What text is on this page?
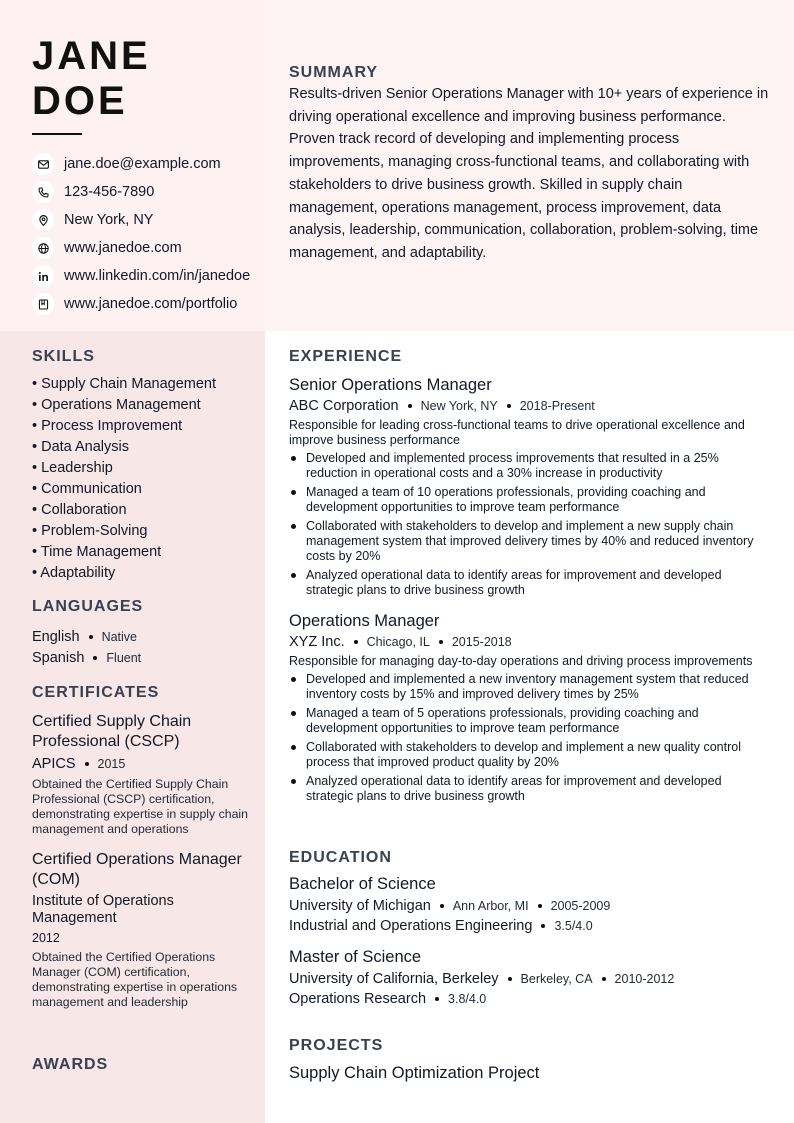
JANE
DOE
jane.doe@example.com
123-456-7890
New York, NY
www.janedoe.com
www.linkedin.com/in/janedoe
www.janedoe.com/portfolio
SUMMARY

Results-driven Senior Operations Manager with 10+ years of experience in driving operational excellence and improving business performance. Proven track record of developing and implementing process improvements, managing cross-functional teams, and collaborating with stakeholders to drive business growth. Skilled in supply chain management, operations management, process improvement, data analysis, leadership, communication, collaboration, problem-solving, time management, and adaptability.

SKILLS
• Supply Chain Management
• Operations Management
• Process Improvement
• Data Analysis
• Leadership
• Communication
• Collaboration
• Problem-Solving
• Time Management
• Adaptability
LANGUAGES
English Native
Spanish Fluent
CERTIFICATES
Certified Supply Chain Professional (CSCP)
APICS 2015
Obtained the Certified Supply Chain Professional (CSCP) certification, demonstrating expertise in supply chain management and operations
Certified Operations Manager (COM)
Institute of Operations Management
2012
Obtained the Certified Operations Manager (COM) certification, demonstrating expertise in operations management and leadership
AWARDS
EXPERIENCE
Senior Operations Manager
ABC Corporation New York, NY 2018-Present
Responsible for leading cross-functional teams to drive operational excellence and improve business performance
Developed and implemented process improvements that resulted in a 25% reduction in operational costs and a 30% increase in productivity
Managed a team of 10 operations professionals, providing coaching and development opportunities to improve team performance
Collaborated with stakeholders to develop and implement a new supply chain management system that improved delivery times by 40% and reduced inventory costs by 20%
Analyzed operational data to identify areas for improvement and developed strategic plans to drive business growth
Operations Manager
XYZ Inc. Chicago, IL 2015-2018
Responsible for managing day-to-day operations and driving process improvements
Developed and implemented a new inventory management system that reduced inventory costs by 15% and improved delivery times by 25%
Managed a team of 5 operations professionals, providing coaching and development opportunities to improve team performance
Collaborated with stakeholders to develop and implement a new quality control process that improved product quality by 20%
Analyzed operational data to identify areas for improvement and developed strategic plans to drive business growth
EDUCATION
Bachelor of Science
University of Michigan Ann Arbor, MI 2005-2009
Industrial and Operations Engineering 3.5/4.0
Master of Science
University of California, Berkeley Berkeley, CA 2010-2012
Operations Research 3.8/4.0
PROJECTS
Supply Chain Optimization Project
